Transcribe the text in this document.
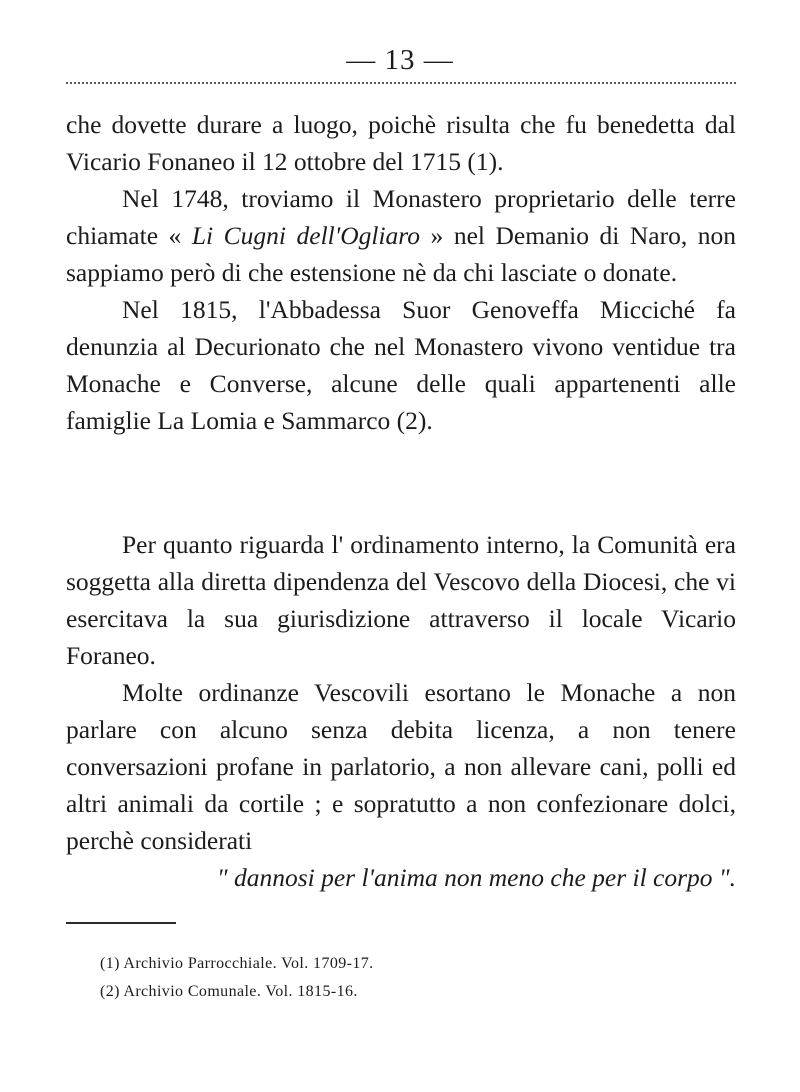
— 13 —

che dovette durare a luogo, poichè risulta che fu benedetta dal Vicario Fonaneo il 12 ottobre del 1715 (1).

Nel 1748, troviamo il Monastero proprietario delle terre chiamate « Li Cugni dell'Ogliaro » nel Demanio di Naro, non sappiamo però di che estensione nè da chi lasciate o donate.

Nel 1815, l'Abbadessa Suor Genoveffa Micciché fa denunzia al Decurionato che nel Monastero vivono ventidue tra Monache e Converse, alcune delle quali appartenenti alle famiglie La Lomia e Sammarco (2).

Per quanto riguarda l' ordinamento interno, la Comunità era soggetta alla diretta dipendenza del Vescovo della Diocesi, che vi esercitava la sua giurisdizione attraverso il locale Vicario Foraneo.

Molte ordinanze Vescovili esortano le Monache a non parlare con alcuno senza debita licenza, a non tenere conversazioni profane in parlatorio, a non allevare cani, polli ed altri animali da cortile ; e sopratutto a non confezionare dolci, perchè considerati

" dannosi per l'anima non meno che per il corpo ".

(1) Archivio Parrocchiale. Vol. 1709-17.

(2) Archivio Comunale. Vol. 1815-16.
